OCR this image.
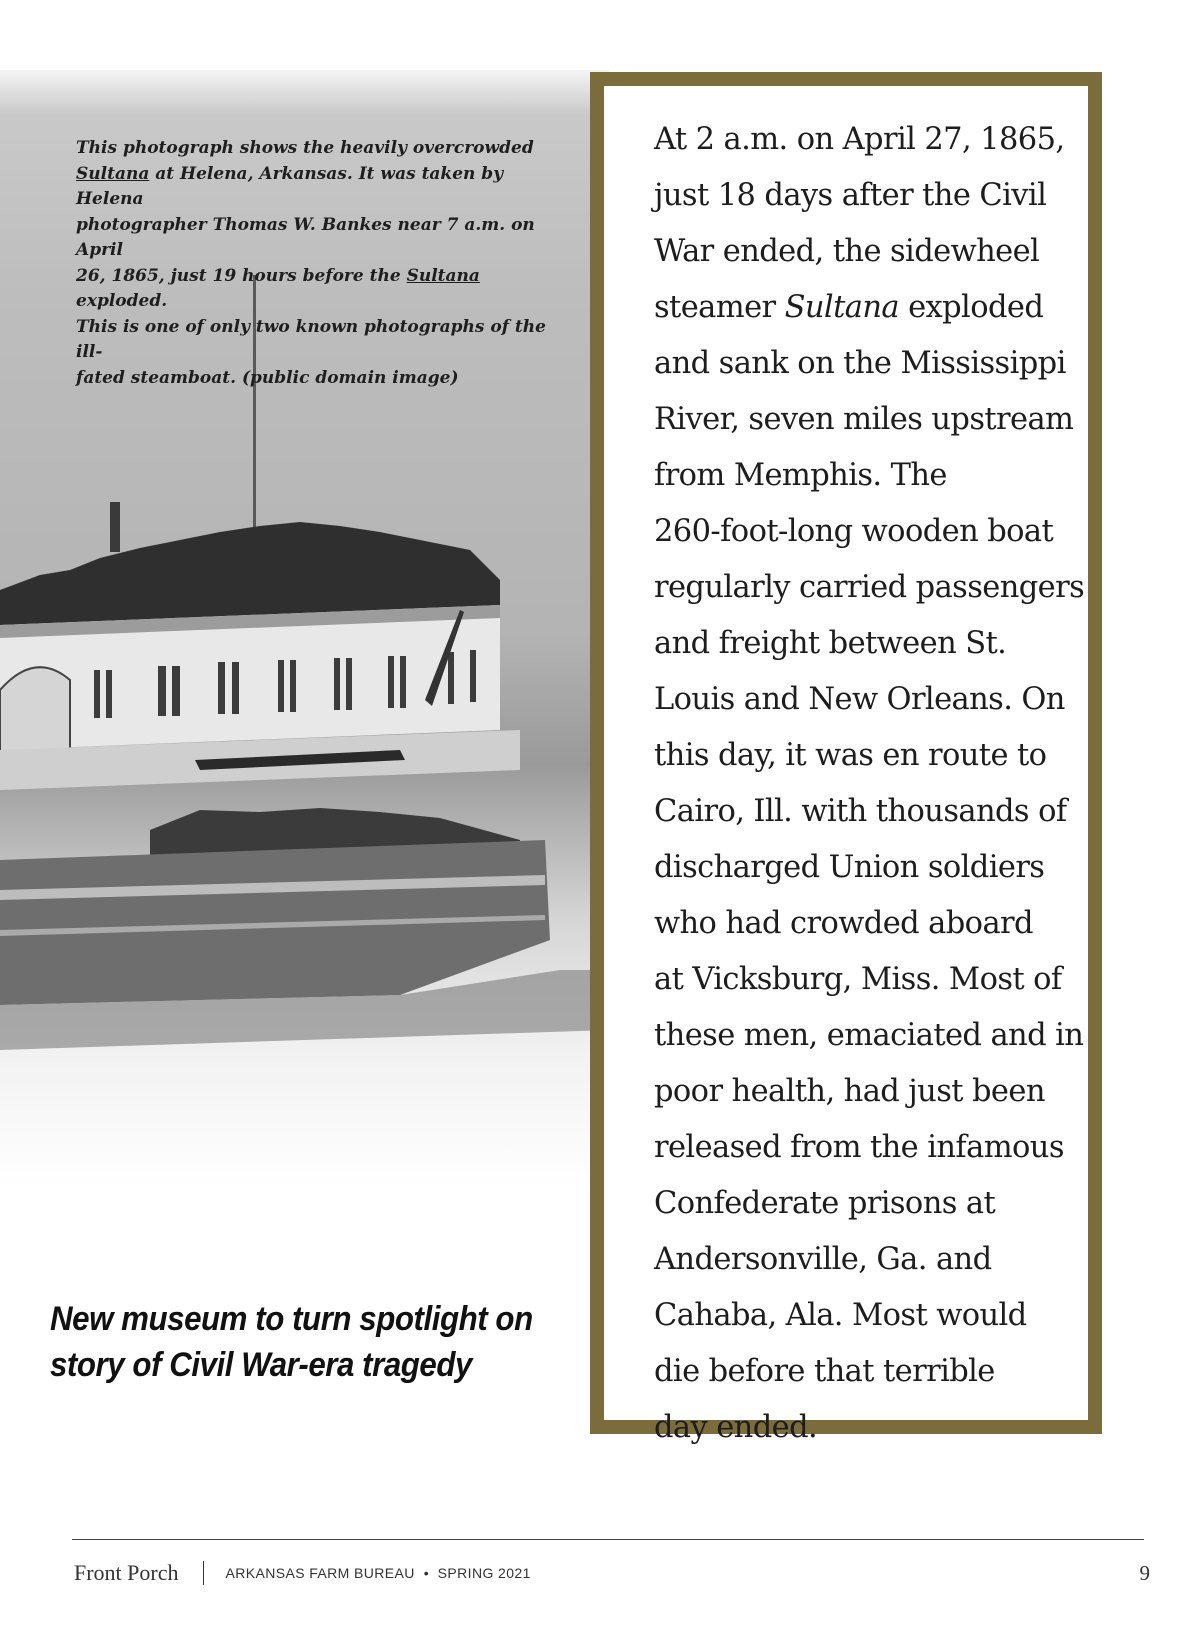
This photograph shows the heavily overcrowded
Sultana at Helena, Arkansas. It was taken by Helena
photographer Thomas W. Bankes near 7 a.m. on April
26, 1865, just 19 hours before the Sultana exploded.
This is one of only two known photographs of the ill-
fated steamboat. (public domain image)
New museum to turn spotlight on
story of Civil War-era tragedy
At 2 a.m. on April 27, 1865,
just 18 days after the Civil
War ended, the sidewheel
steamer Sultana exploded
and sank on the Mississippi
River, seven miles upstream
from Memphis. The
260-foot-long wooden boat
regularly carried passengers
and freight between St.
Louis and New Orleans. On
this day, it was en route to
Cairo, Ill. with thousands of
discharged Union soldiers
who had crowded aboard
at Vicksburg, Miss. Most of
these men, emaciated and in
poor health, had just been
released from the infamous
Confederate prisons at
Andersonville, Ga. and
Cahaba, Ala. Most would
die before that terrible
day ended.
Front Porch	ARKANSAS FARM BUREAU • SPRING 2021	9
